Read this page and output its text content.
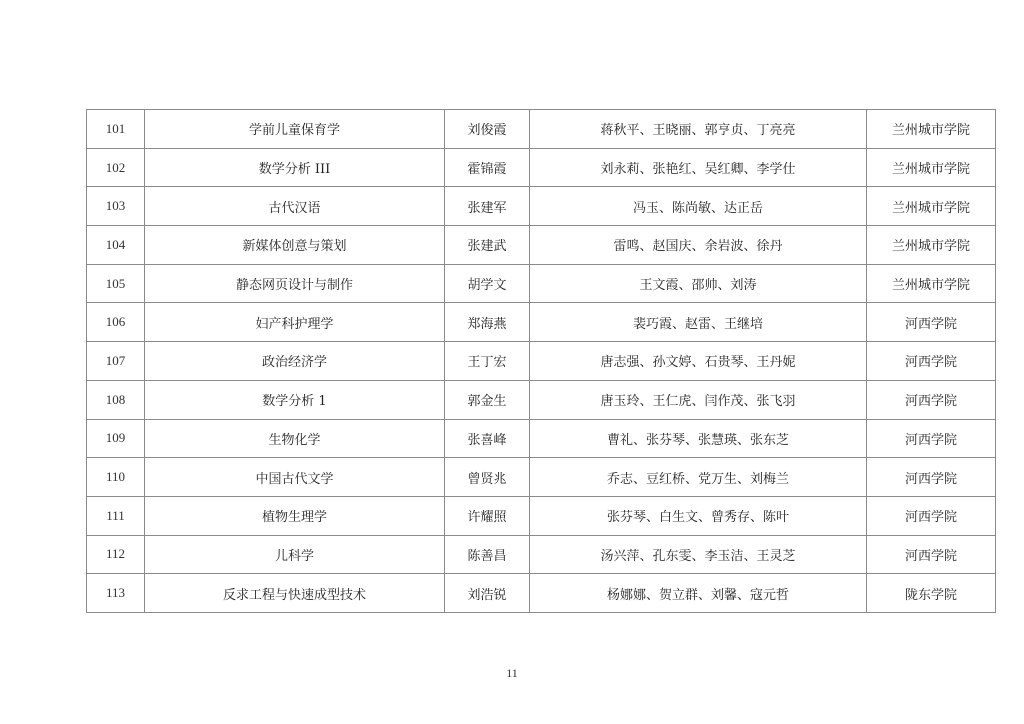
101	学前儿童保育学	刘俊霞	蒋秋平、王晓丽、郭亨贞、丁亮亮	兰州城市学院
102	数学分析 III	霍锦霞	刘永莉、张艳红、吴红卿、李学仕	兰州城市学院
103	古代汉语	张建军	冯玉、陈尚敏、达正岳	兰州城市学院
104	新媒体创意与策划	张建武	雷鸣、赵国庆、余岩波、徐丹	兰州城市学院
105	静态网页设计与制作	胡学文	王文霞、邵帅、刘涛	兰州城市学院
106	妇产科护理学	郑海燕	裴巧霞、赵雷、王继培	河西学院
107	政治经济学	王丁宏	唐志强、孙文婷、石贵琴、王丹妮	河西学院
108	数学分析 1	郭金生	唐玉玲、王仁虎、闫作茂、张飞羽	河西学院
109	生物化学	张喜峰	曹礼、张芬琴、张慧瑛、张东芝	河西学院
110	中国古代文学	曾贤兆	乔志、豆红桥、党万生、刘梅兰	河西学院
111	植物生理学	许耀照	张芬琴、白生文、曾秀存、陈叶	河西学院
112	儿科学	陈善昌	汤兴萍、孔东雯、李玉洁、王灵芝	河西学院
113	反求工程与快速成型技术	刘浩锐	杨娜娜、贺立群、刘馨、寇元哲	陇东学院
11
